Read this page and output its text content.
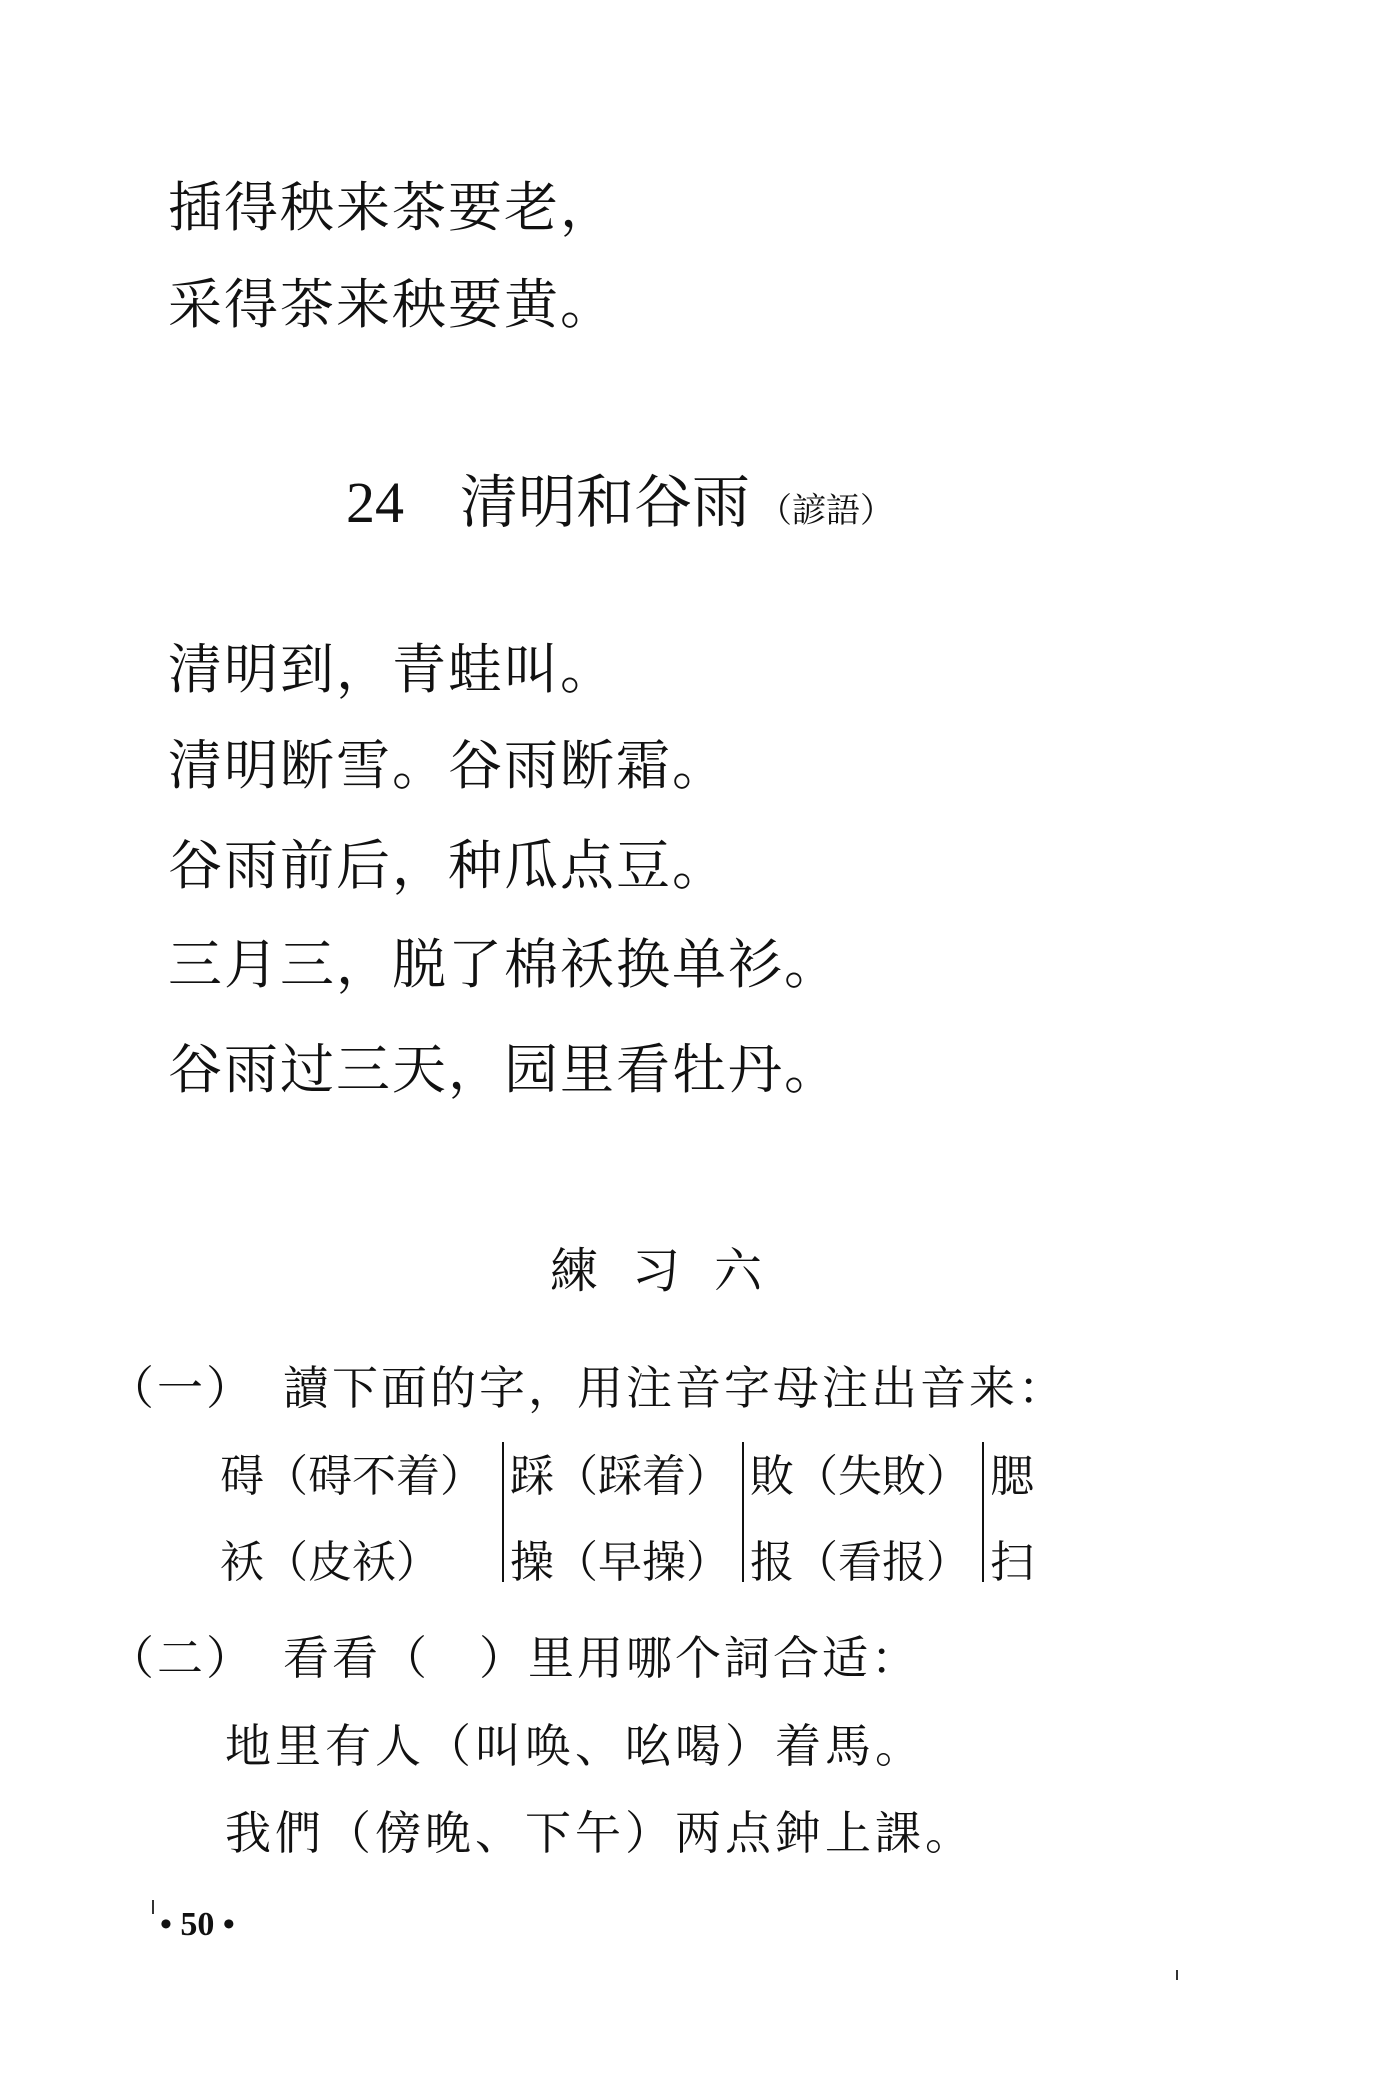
插得秧来茶要老，
采得茶来秧要黄。
24 清明和谷雨 （諺語）
清明到，青蛙叫。
清明断雪。谷雨断霜。
谷雨前后，种瓜点豆。
三月三，脱了棉袄换单衫。
谷雨过三天，园里看牡丹。
練习六
（一） 讀下面的字，用注音字母注出音来：
碍（碍不着） 踩（踩着） 敗（失敗） 腮
袄（皮袄） 操（早操） 报（看报） 扫
（二） 看看（　）里用哪个詞合适：
地里有人（叫唤、吆喝）着馬。
我們（傍晚、下午）两点鈡上課。
• 50 •
